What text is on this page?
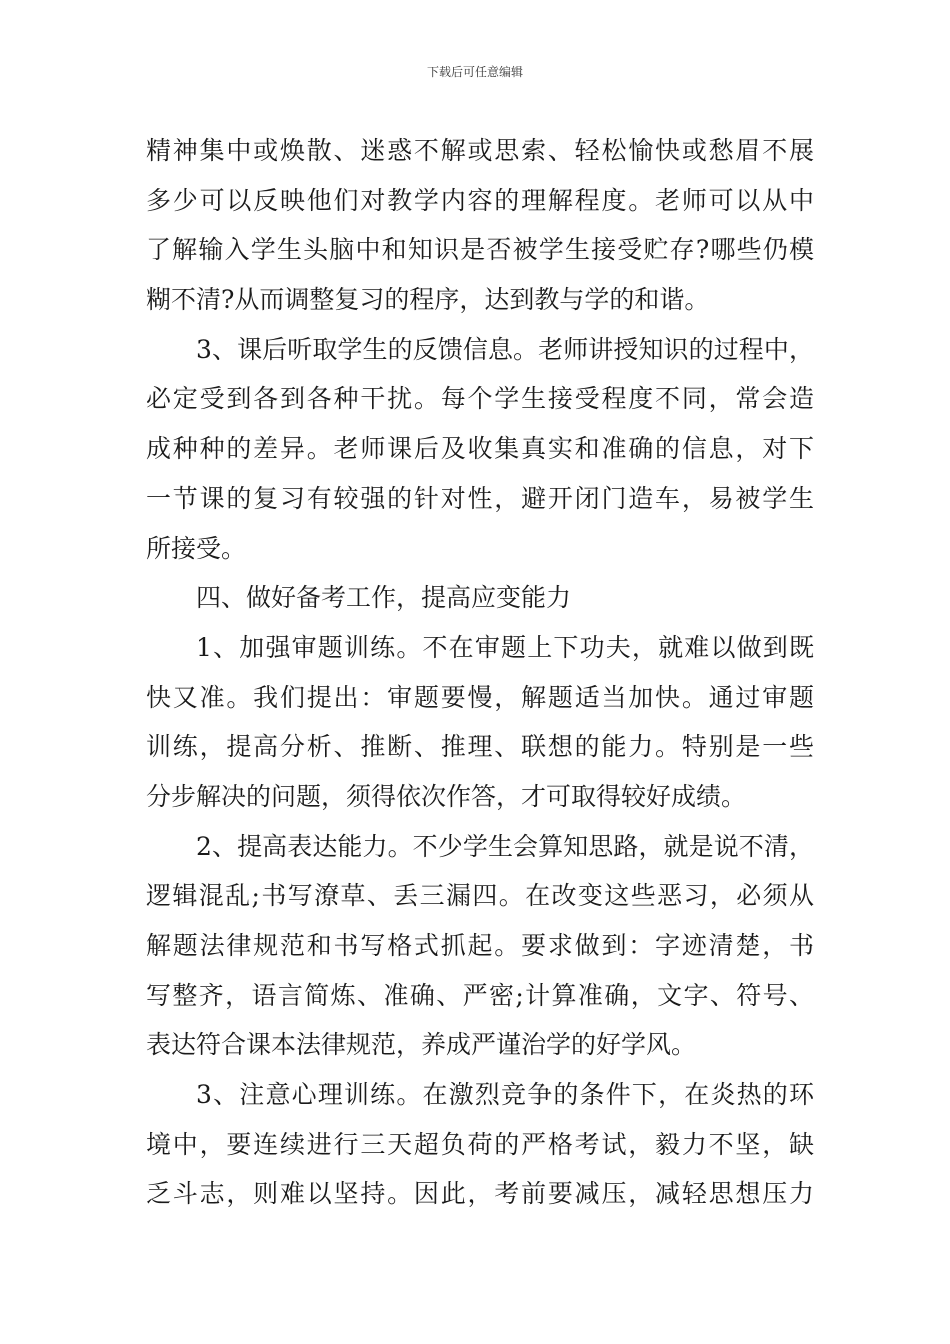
下载后可任意编辑
精神集中或焕散、迷惑不解或思索、轻松愉快或愁眉不展
多少可以反映他们对教学内容的理解程度。老师可以从中
了解输入学生头脑中和知识是否被学生接受贮存?哪些仍模
糊不清?从而调整复习的程序，达到教与学的和谐。
3、课后听取学生的反馈信息。老师讲授知识的过程中，
必定受到各到各种干扰。每个学生接受程度不同，常会造
成种种的差异。老师课后及收集真实和准确的信息，对下
一节课的复习有较强的针对性，避开闭门造车，易被学生
所接受。
四、做好备考工作，提高应变能力
1、加强审题训练。不在审题上下功夫，就难以做到既
快又准。我们提出：审题要慢，解题适当加快。通过审题
训练，提高分析、推断、推理、联想的能力。特别是一些
分步解决的问题，须得依次作答，才可取得较好成绩。
2、提高表达能力。不少学生会算知思路，就是说不清，
逻辑混乱;书写潦草、丢三漏四。在改变这些恶习，必须从
解题法律规范和书写格式抓起。要求做到：字迹清楚，书
写整齐，语言简炼、准确、严密;计算准确，文字、符号、
表达符合课本法律规范，养成严谨治学的好学风。
3、注意心理训练。在激烈竞争的条件下，在炎热的环
境中，要连续进行三天超负荷的严格考试，毅力不坚，缺
乏斗志，则难以坚持。因此，考前要减压，减轻思想压力
